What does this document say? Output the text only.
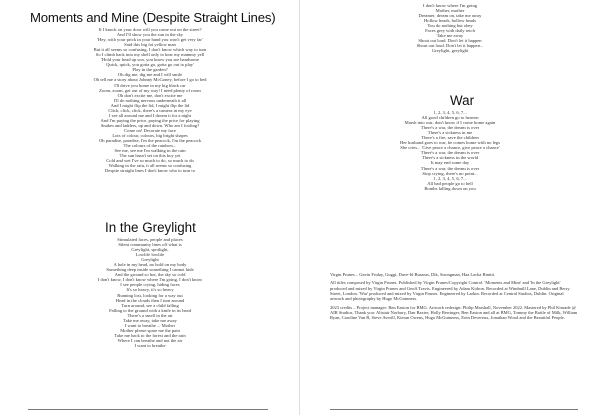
Moments and Mine (Despite Straight Lines)
If I knock on your door will you come out on the street?
And I'll show you the sun in the sky
'Hey, with your prick in your hand you won't get very far'
Said this big fat yellow man
But it all seems so confusing, I don't know which way to turn
So I climb back into my shell only to hear my mammy yell
'Hold your head up son, you know you are handsome
Quick, quick, you gotta go, gotta go out to play'
Play in the garden?
Oh dig me, dig me and I will smile
Oh tell me a story about Johnny McGoney, before I go to bed
I'll drive you home in my big black car
Zoom, zoom, get out of my way! I need plenty of room
Oh don't excite me, don't excite me
I'll do nothing nervous underneath it all
And I might flip the lid, I might flip the lid
Click, click, click, there's a camera in my eye
I see all around me and I dream it for a night
And I'm paying the price, paying the price for playing
Snakes and ladders, up and down. Who am I fooling?
Come on! Decorate my face
Lots of colour, colours, big bright shapes
Oh paradise, paradise, I'm the peacock, I'm the peacock
The colours of the rainbow...
See me, see me I'm walking in the rain
The sun hasn't set on this boy yet
Cold and wet I've so much to do, so much to do
Walking in the rain, it all seems so confusing
Despite straight lines I don't know who to turn to
In the Greylight
Stimulated faces, people and places
Silent community lines off what is
Greylight, spotlight,
Lowlife lowlife
Greylight
A hole in my head, no hold on my body
Something deep inside something I cannot hide
And the ground so hot, the sky so cold
I don't know, I don't know where I'm going, I don't know
I see people crying, hiding faces
It's so heavy, it's so heavy
Running lost, looking for a way out
Head in the clouds then I turn around
Turn around, see a child falling
Falling to the ground with a knife in its head
There's a smell in the air
Take me away, take me away
I want to breathe ... Mother
Mother please spare me the pain
Take me back to the forest and the rain
Where I can breathe and not the air
I want to breathe
I don't know where I'm going
Mother, mother
Dreamer, dream on, take me away
Hollow heads, hollow heads
You do nothing but obey
Faces grey with daily retch
Take me away
Shout out loud. Don't let it happen
Shout out loud. Don't let it happen...
Greylight, greylight
War
1, 2, 3, 4, 5, 6, 7...
All good children go to heaven
Marsh into war, don't know if I come home again
There's a war, the dream is over
There's a sickness in me
There's a fire, save the children
Her husband goes to war, he comes home with no legs
She cries... 'Give peace a chance, give peace a chance'
There's a war, the dream is over
There's a sickness in the world
It may end some day
There's a war, the dream is over
Stop crying, there's no point...
1, 2, 3, 4, 5, 6, 7...
All bad people go to hell
Bombs falling down on you

Virgin Prunes – Gavin Friday, Guggi, Dave-Id Busaras, Dik, Strongman, Haa Lacka Binttii.

All titles composed by Virgin Prunes. Published by Virgin Prunes/Copyright Control. 'Moments and Mine' and 'In the Greylight' produced and mixed by Virgin Prunes and Geoff Travis. Engineered by Adam Kidron. Recorded at Windmill Lane, Dublin and Berry Street, London. 'War' produced and mixed by Virgin Prunes. Engineered by Larkin. Recorded at Central Studios, Dublin. Original artwork and photography by Hugo McGuinness.

2023 credits – Project manager: Ben Easton for BMG. Artwork redesign: Philip Marshall, November 2022. Mastered by Phil Kinrade @ AIR Studios. Thank you: Alistair Norbury, Dan Baxter, Holly Berringer, Ben Easton and all at BMG, Tommy the Bottle of Milk, William Ryan, Caroline Van B, Steve Averill, Kieran Owens, Hugo McGuinness, Eoin Devereux, Jonathan Wood and the Beautiful People.
